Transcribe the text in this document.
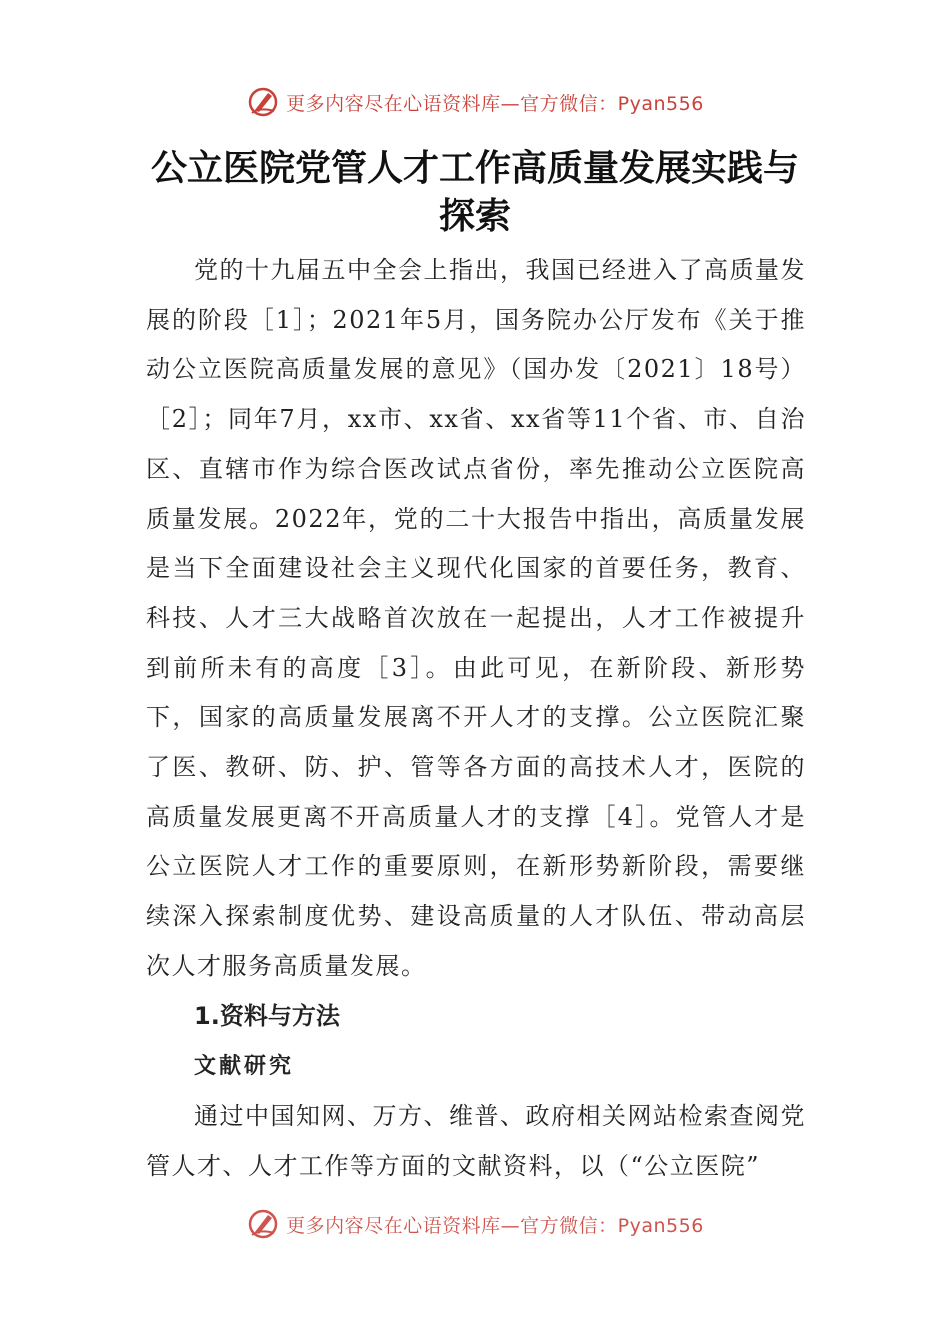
更多内容尽在心语资料库—官方微信：Pyan556
公立医院党管人才工作高质量发展实践与探索

党的十九届五中全会上指出，我国已经进入了高质量发展的阶段［1］；2021年5月，国务院办公厅发布《关于推动公立医院高质量发展的意见》（国办发〔2021〕18号）［2］；同年7月，xx市、xx省、xx省等11个省、市、自治区、直辖市作为综合医改试点省份，率先推动公立医院高质量发展。2022年，党的二十大报告中指出，高质量发展是当下全面建设社会主义现代化国家的首要任务，教育、科技、人才三大战略首次放在一起提出，人才工作被提升到前所未有的高度［3］。由此可见，在新阶段、新形势下，国家的高质量发展离不开人才的支撑。公立医院汇聚了医、教研、防、护、管等各方面的高技术人才，医院的高质量发展更离不开高质量人才的支撑［4］。党管人才是公立医院人才工作的重要原则，在新形势新阶段，需要继续深入探索制度优势、建设高质量的人才队伍、带动高层次人才服务高质量发展。

1.资料与方法
文献研究

通过中国知网、万方、维普、政府相关网站检索查阅党管人才、人才工作等方面的文献资料，以（“公立医院”

更多内容尽在心语资料库—官方微信：Pyan556
